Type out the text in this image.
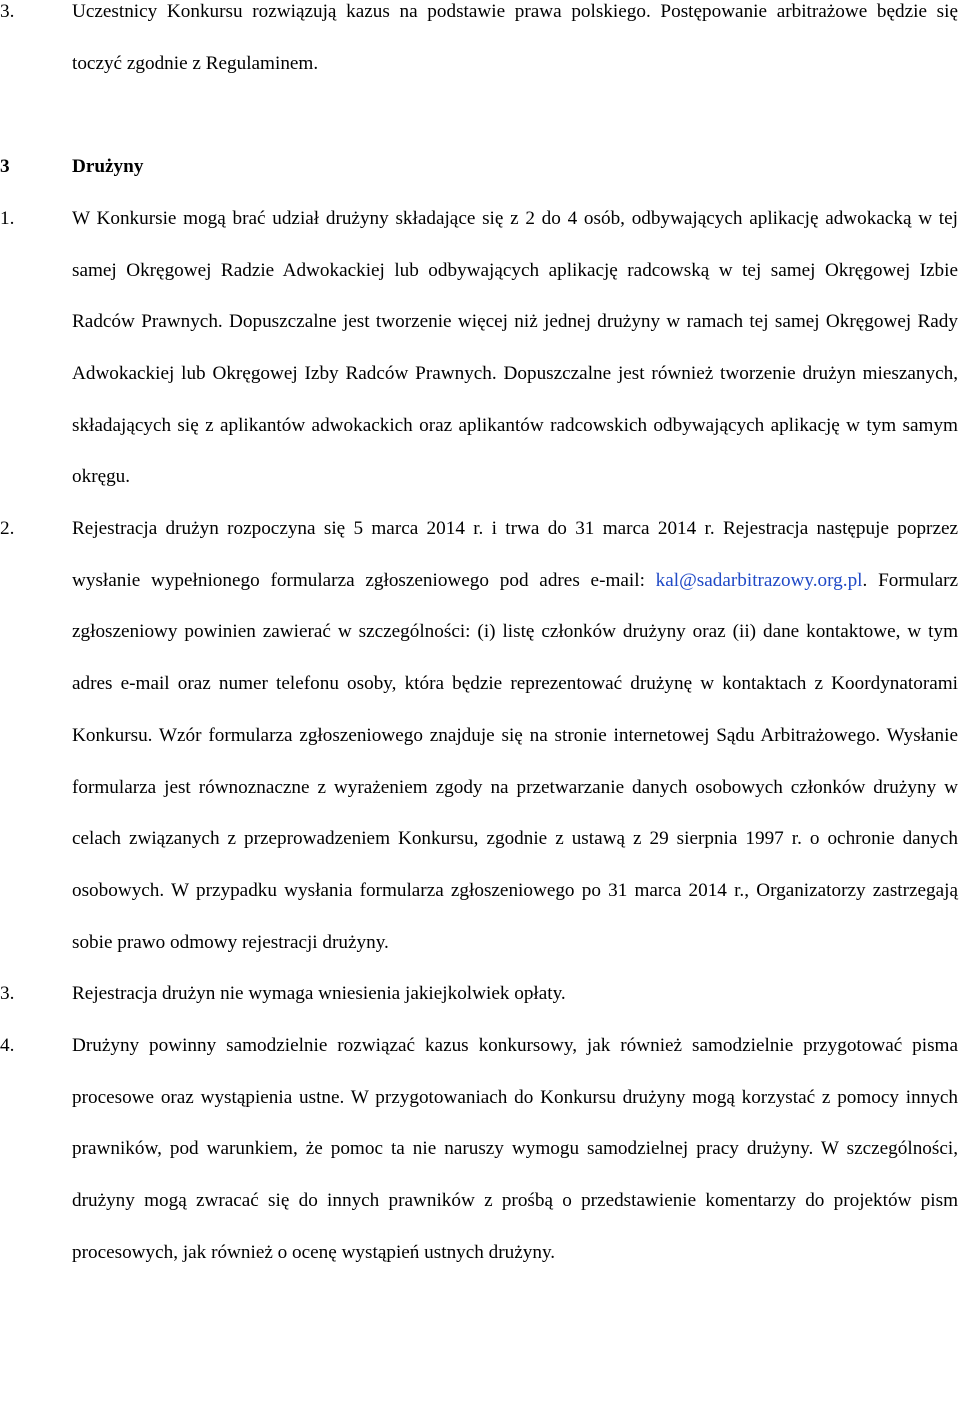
3.	Uczestnicy Konkursu rozwiązują kazus na podstawie prawa polskiego. Postępowanie arbitrażowe będzie się toczyć zgodnie z Regulaminem.
3	Drużyny
1.	W Konkursie mogą brać udział drużyny składające się z 2 do 4 osób, odbywających aplikację adwokacką w tej samej Okręgowej Radzie Adwokackiej lub odbywających aplikację radcowską w tej samej Okręgowej Izbie Radców Prawnych. Dopuszczalne jest tworzenie więcej niż jednej drużyny w ramach tej samej Okręgowej Rady Adwokackiej lub Okręgowej Izby Radców Prawnych. Dopuszczalne jest również tworzenie drużyn mieszanych, składających się z aplikantów adwokackich oraz aplikantów radcowskich odbywających aplikację w tym samym okręgu.
2.	Rejestracja drużyn rozpoczyna się 5 marca 2014 r. i trwa do 31 marca 2014 r. Rejestracja następuje poprzez wysłanie wypełnionego formularza zgłoszeniowego pod adres e-mail: kal@sadarbitrazowy.org.pl. Formularz zgłoszeniowy powinien zawierać w szczególności: (i) listę członków drużyny oraz (ii) dane kontaktowe, w tym adres e-mail oraz numer telefonu osoby, która będzie reprezentować drużynę w kontaktach z Koordynatorami Konkursu. Wzór formularza zgłoszeniowego znajduje się na stronie internetowej Sądu Arbitrażowego. Wysłanie formularza jest równoznaczne z wyrażeniem zgody na przetwarzanie danych osobowych członków drużyny w celach związanych z przeprowadzeniem Konkursu, zgodnie z ustawą z 29 sierpnia 1997 r. o ochronie danych osobowych. W przypadku wysłania formularza zgłoszeniowego po 31 marca 2014 r., Organizatorzy zastrzegają sobie prawo odmowy rejestracji drużyny.
3.	Rejestracja drużyn nie wymaga wniesienia jakiejkolwiek opłaty.
4.	Drużyny powinny samodzielnie rozwiązać kazus konkursowy, jak również samodzielnie przygotować pisma procesowe oraz wystąpienia ustne. W przygotowaniach do Konkursu drużyny mogą korzystać z pomocy innych prawników, pod warunkiem, że pomoc ta nie naruszy wymogu samodzielnej pracy drużyny. W szczególności, drużyny mogą zwracać się do innych prawników z prośbą o przedstawienie komentarzy do projektów pism procesowych, jak również o ocenę wystąpień ustnych drużyny.
